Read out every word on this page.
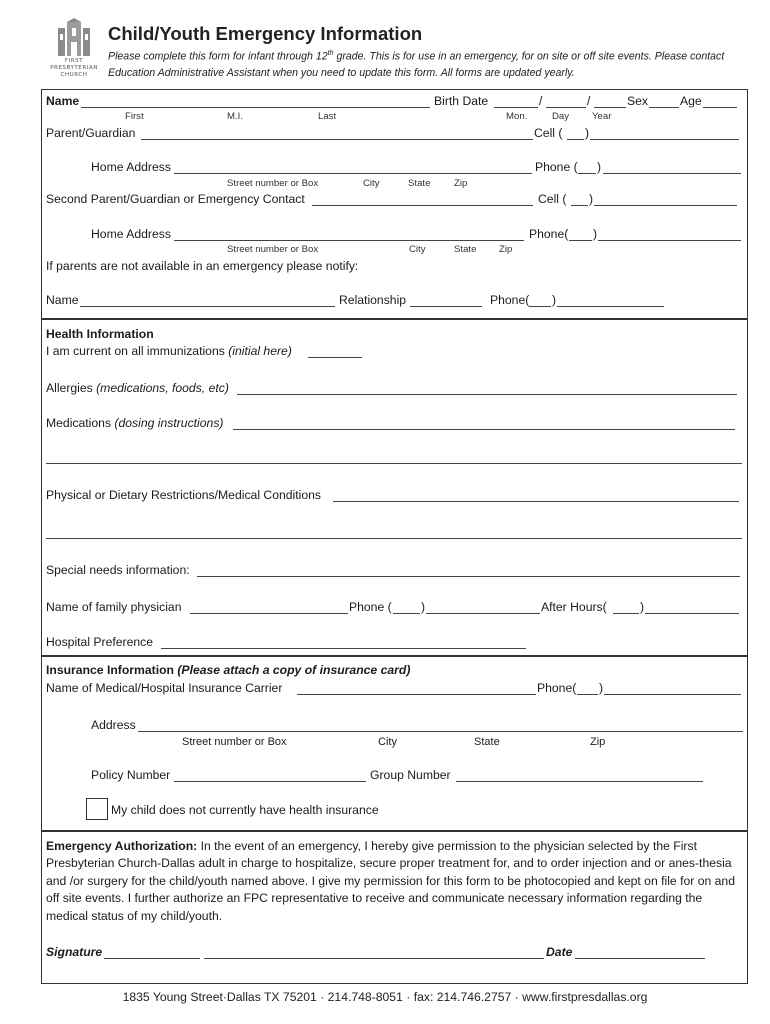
FIRST
PRESBYTERIAN
CHURCH
Child/Youth Emergency Information
Please complete this form for infant through 12th grade. This is for use in an emergency, for on site or off site events. Please contact Education Administrative Assistant when you need to update this form. All forms are updated yearly.
Name	Birth Date	/	/	Sex	Age
First	M.I.	Last	Mon.	Day Year
Parent/Guardian	Cell ( )
Home Address	Phone ( )
Street number or Box	City	State Zip
Second Parent/Guardian or Emergency Contact	Cell ( )
Home Address	Phone( )
Street number or Box	City	State Zip
If parents are not available in an emergency please notify:
Name	Relationship	Phone( )
Health Information
I am current on all immunizations (initial here)
Allergies (medications, foods, etc)
Medications (dosing instructions)
Physical or Dietary Restrictions/Medical Conditions
Special needs information:
Name of family physician	Phone ( )	After Hours(	)
Hospital Preference
Insurance Information (Please attach a copy of insurance card)
Name of Medical/Hospital Insurance Carrier	Phone( )
Address
Street number or Box	City	State	Zip
Policy Number	Group Number
My child does not currently have health insurance
Emergency Authorization: In the event of an emergency, I hereby give permission to the physician selected by the First Presbyterian Church-Dallas adult in charge to hospitalize, secure proper treatment for, and to order injection and or anes-thesia and /or surgery for the child/youth named above. I give my permission for this form to be photocopied and kept on file for on and off site events. I further authorize an FPC representative to receive and communicate necessary information regarding the medical status of my child/youth.
Signature	Date
1835 Young Street·Dallas TX 75201 · 214.748-8051 · fax: 214.746.2757 · www.firstpresdallas.org
